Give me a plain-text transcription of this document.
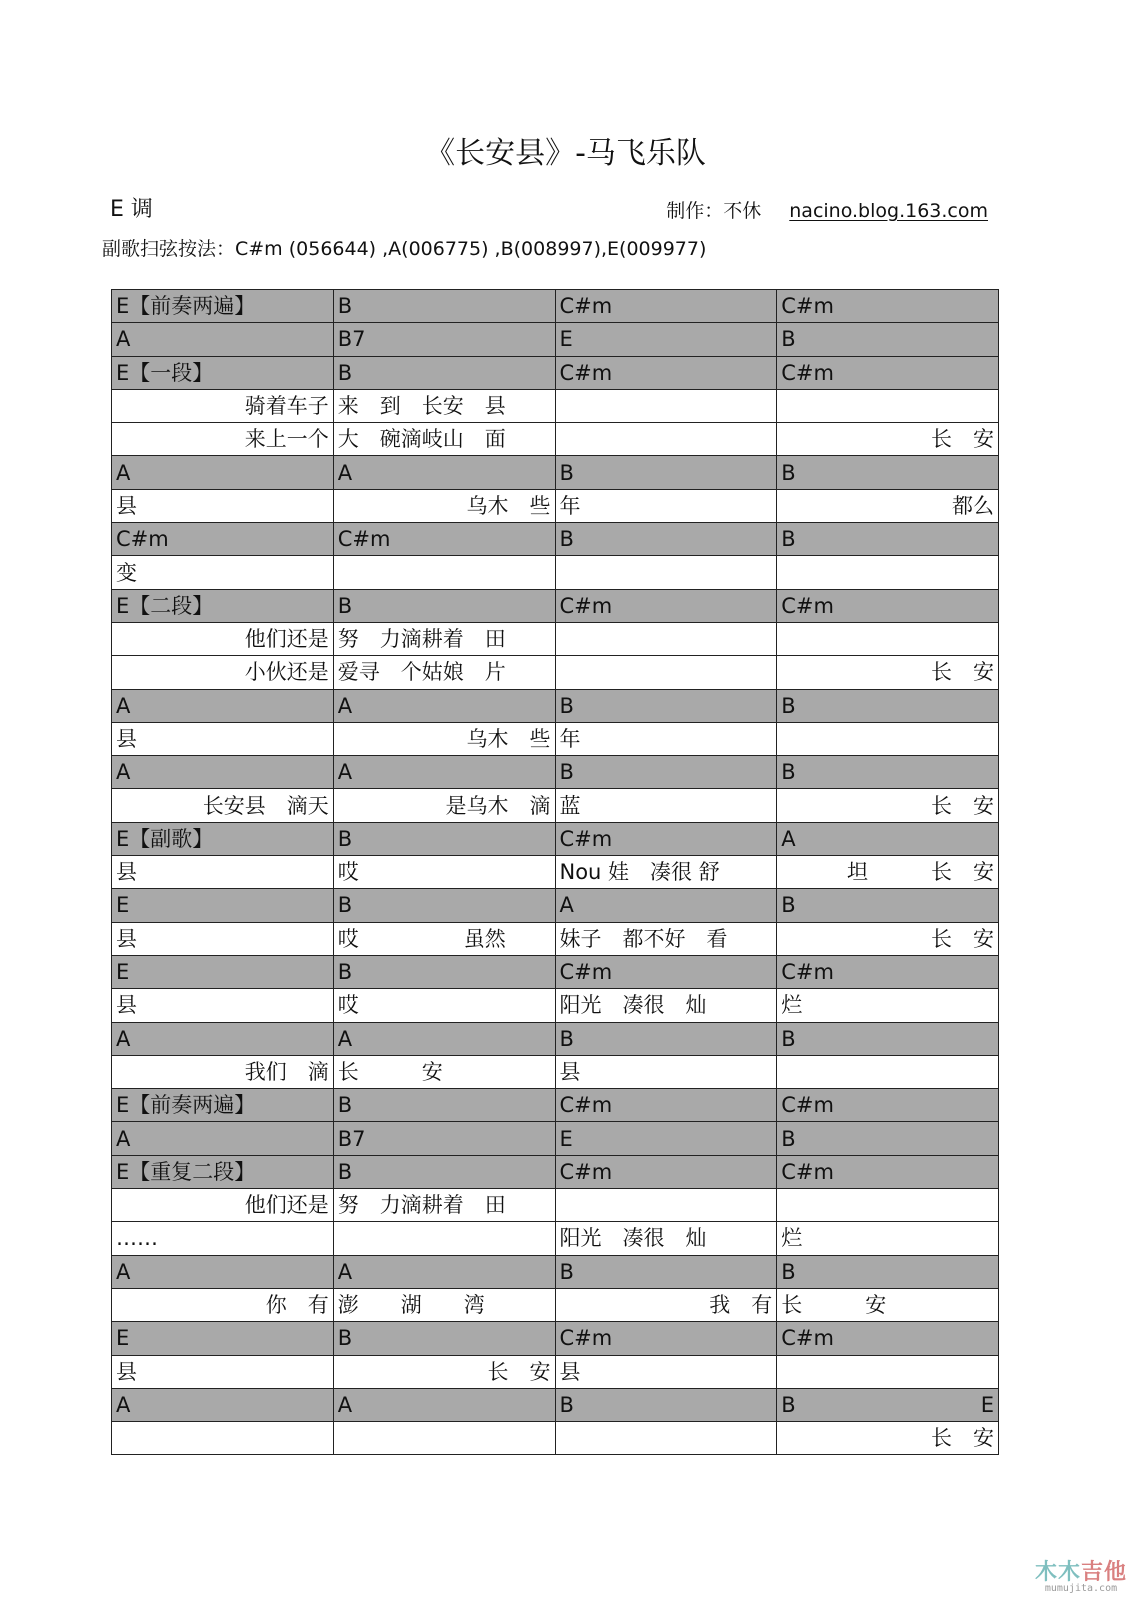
《长安县》-马飞乐队
E 调	制作：不休 nacino.blog.163.com
副歌扫弦按法：C#m (056644) ,A(006775) ,B(008997),E(009977)
E【前奏两遍】	B	C#m	C#m
A	B7	E	B
E【一段】	B	C#m	C#m
骑着车子	来　到　长安　县		
来上一个	大　碗滴岐山　面		长　安
A	A	B	B
县	乌木　些	年	都么
C#m	C#m	B	B
变			
E【二段】	B	C#m	C#m
他们还是	努　力滴耕着　田		
小伙还是	爱寻　个姑娘　片		长　安
A	A	B	B
县	乌木　些	年	
A	A	B	B
长安县　滴天	是乌木　滴	蓝	长　安
E【副歌】	B	C#m	A
县	哎	Nou 娃　凑很 舒	坦　　　长　安
E	B	A	B
县	哎　　　　　虽然	妹子　都不好　看	长　安
E	B	C#m	C#m
县	哎	阳光　凑很　灿	烂
A	A	B	B
我们　滴	长　　　安	县	
E【前奏两遍】	B	C#m	C#m
A	B7	E	B
E【重复二段】	B	C#m	C#m
他们还是	努　力滴耕着　田		
……		阳光　凑很　灿	烂
A	A	B	B
你　有	澎　　湖　　湾	我　有	长　　　安
E	B	C#m	C#m
县	长　安	县	
A	A	B	B E

			长　安
木木吉他
mumujita.com
